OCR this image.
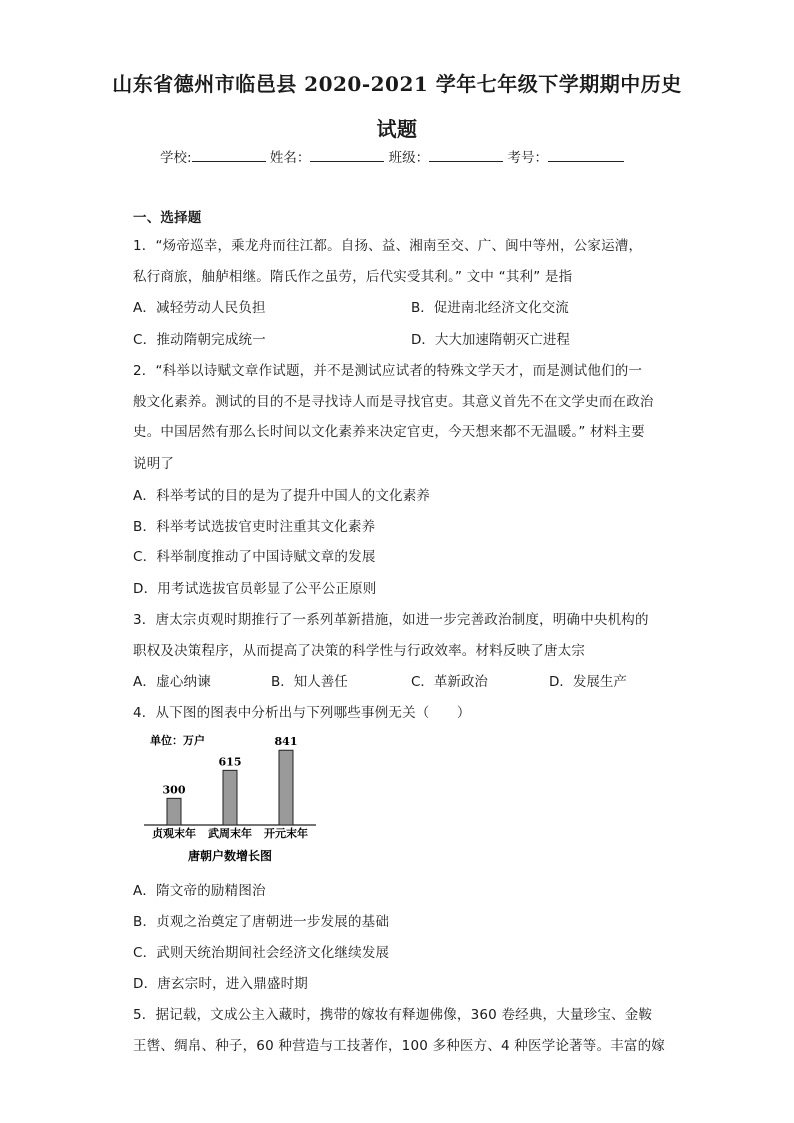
山东省德州市临邑县 2020-2021 学年七年级下学期期中历史
试题
学校:	姓名：	班级：	考号：
一、选择题
1．“炀帝巡幸，乘龙舟而往江都。自扬、益、湘南至交、广、闽中等州，公家运漕，
私行商旅，舳舻相继。隋氏作之虽劳，后代实受其利。” 文中 “其利” 是指
A．减轻劳动人民负担	B．促进南北经济文化交流
C．推动隋朝完成统一	D．大大加速隋朝灭亡进程
2．“科举以诗赋文章作试题，并不是测试应试者的特殊文学天才，而是测试他们的一
般文化素养。测试的目的不是寻找诗人而是寻找官吏。其意义首先不在文学史而在政治
史。中国居然有那么长时间以文化素养来决定官吏，今天想来都不无温暖。” 材料主要
说明了
A．科举考试的目的是为了提升中国人的文化素养
B．科举考试选拔官吏时注重其文化素养
C．科举制度推动了中国诗赋文章的发展
D．用考试选拔官员彰显了公平公正原则
3．唐太宗贞观时期推行了一系列革新措施，如进一步完善政治制度，明确中央机构的
职权及决策程序，从而提高了决策的科学性与行政效率。材料反映了唐太宗
A．虚心纳谏	B．知人善任	C．革新政治	D．发展生产
4．从下图的图表中分析出与下列哪些事例无关（　　）
单位：万户
300
贞观末年
615
武周末年
841
开元末年
唐朝户数增长图
A．隋文帝的励精图治
B．贞观之治奠定了唐朝进一步发展的基础
C．武则天统治期间社会经济文化继续发展
D．唐玄宗时，进入鼎盛时期
5．据记载，文成公主入藏时，携带的嫁妆有释迦佛像，360 卷经典，大量珍宝、金鞍
王辔、绸帛、种子，60 种营造与工技著作，100 多种医方、4 种医学论著等。丰富的嫁
